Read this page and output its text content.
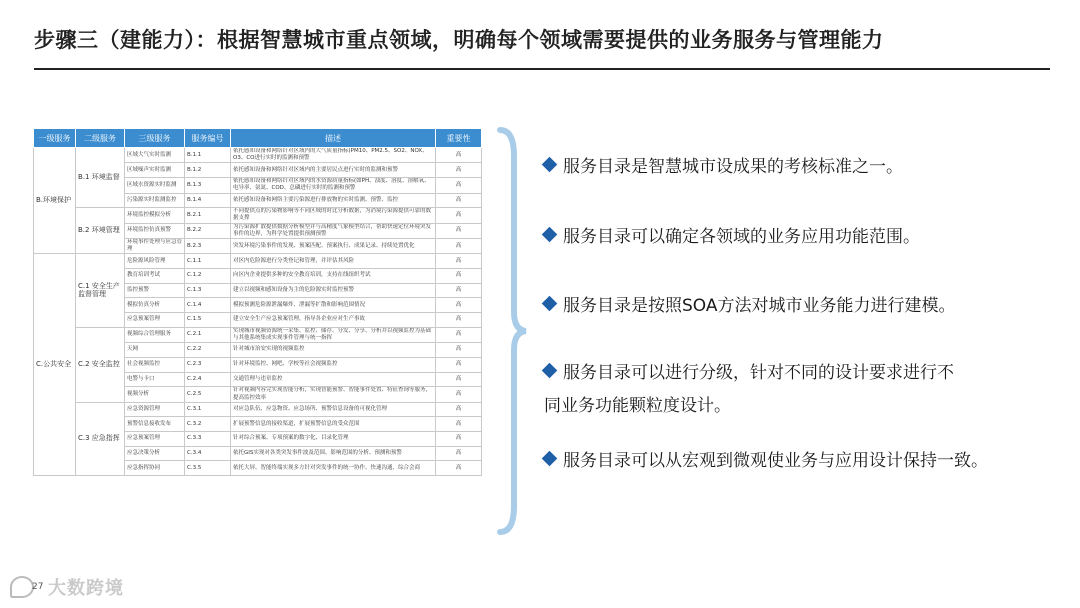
步骤三（建能力）：根据智慧城市重点领域，明确每个领域需要提供的业务服务与管理能力
一级服务	二级服务	三级服务	服务编号	描述	重要性
B.环境保护	B.1 环境监督	区域大气实时监测	B.1.1	依托感知设备和网络针对区域内的大气质量指标(PM10、PM2.5、SO2、NOX、O3、CO进行实时的监测和预警	高
		区域噪声实时监测	B.1.2	依托感知设备和网络针对区域内的主要居民点进行实时的监测和预警	高
		区域水资源实时监测	B.1.3	依托感知设备和网络针对区域内的水资源质量指标(如PH、浊度、溶度、溶解氧、电导率、氨氮、COD、总磷进行实时的监测和预警	高
		污染源实时监测监控	B.1.4	依托感知设备和网络主要污染源进行排放物的实时监测、预警、监控	高
	B.2 环境管理	环境监控模拟分析	B.2.1	不同提供点的污染物影响等不同区域的时比分析数据，为消境污染源提供可靠的数据支撑	高
		环境监控仿真预警	B.2.2	为污染源扩散提供数据分析模型并与高精度气象模型结合，帮助快速定位环境突发事件的边界，为科学处置提供预测预警	高
		环境事件处理与应急管理	B.2.3	突发环境污染事件的发现、预案匹配、预案执行、成果记录、持续处置优化	高
C.公共安全	C.1 安全生产监督管理	危险源风险管理	C.1.1	对区内危险源进行分类登记和管理，并评估其风险	高
		教育培训考试	C.1.2	向区内企业提供多种的安全教育培训，支持在线组织考试	高
		监控预警	C.1.3	建立以视频和感知设备为主的危险源实时监控预警	高
		模拟仿真分析	C.1.4	模拟预测危险源泄漏爆炸、泄漏等扩散和影响范围情况	高
		应急预案管理	C.1.5	建立安全生产应急预案管理，指导各企业应对生产事故	高
	C.2 安全监控	视频综合管理服务	C.2.1	实现城市视频资源统一采集、监控、储存、分发、分享、分析并以视频监控为基础与其他系统集成实现事件管理与统一指挥	高
		天网	C.2.2	针对城市治安实现的视频监控	高
		社会视频监控	C.2.3	针对环境监控、网吧、学校等社会视频监控	高
		电警与卡口	C.2.4	交通管理与违章监控	高
		视频分析	C.2.5	针对视频内容完实现智能分析，实现智能预警、智能事件处置、特征查询等服务，提高监控效率	高
	C.3 应急指挥	应急资源管理	C.3.1	对应急队伍、应急物资、应急场所、预警信息设备的可视化管理	高
		预警信息接收发布	C.3.2	扩展预警信息的接收渠道，扩展预警信息的受众范围	高
		应急预案管理	C.3.3	针对综合预案、专项预案的数字化、目录化管理	高
		应急决策分析	C.3.4	依托GIS实现对各类突发事件波及范围、影响范围的分析、预测和预警	高
		应急指挥协同	C.3.5	依托大屏、智能终端实现多方针对突发事件的统一协作、快速沟通、综合会商	高
服务目录是智慧城市设成果的考核标准之一。
服务目录可以确定各领域的业务应用功能范围。
服务目录是按照SOA方法对城市业务能力进行建模。
服务目录可以进行分级，针对不同的设计要求进行不
同业务功能颗粒度设计。
服务目录可以从宏观到微观使业务与应用设计保持一致。
27 大数跨境
